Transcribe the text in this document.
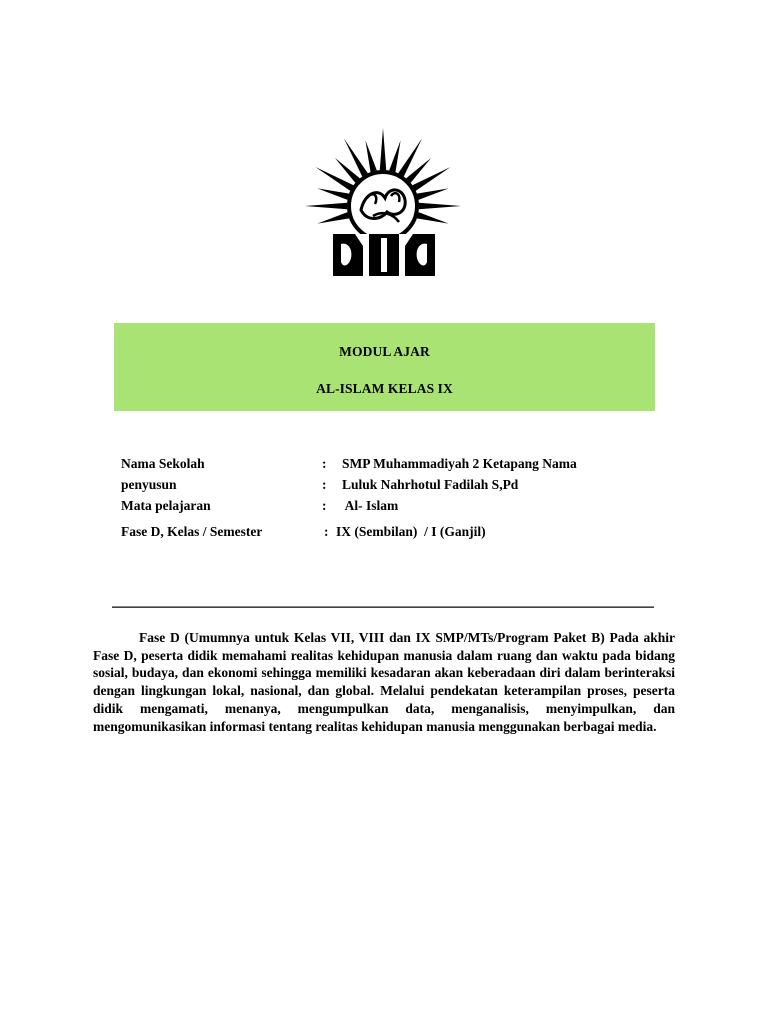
MODUL AJAR
AL-ISLAM KELAS IX
Nama Sekolah	: SMP Muhammadiyah 2 Ketapang Nama
penyusun	: Luluk Nahrhotul Fadilah S,Pd
Mata pelajaran	: Al- Islam
Fase D, Kelas / Semester	: IX (Sembilan)  / I (Ganjil)
Fase D (Umumnya untuk Kelas VII, VIII dan IX SMP/MTs/Program Paket B) Pada akhir Fase D, peserta didik memahami realitas kehidupan manusia dalam ruang dan waktu pada bidang sosial, budaya, dan ekonomi sehingga memiliki kesadaran akan keberadaan diri dalam berinteraksi dengan lingkungan lokal, nasional, dan global. Melalui pendekatan keterampilan proses, peserta didik mengamati, menanya, mengumpulkan data, menganalisis, menyimpulkan, dan mengomunikasikan informasi tentang realitas kehidupan manusia menggunakan berbagai media.
